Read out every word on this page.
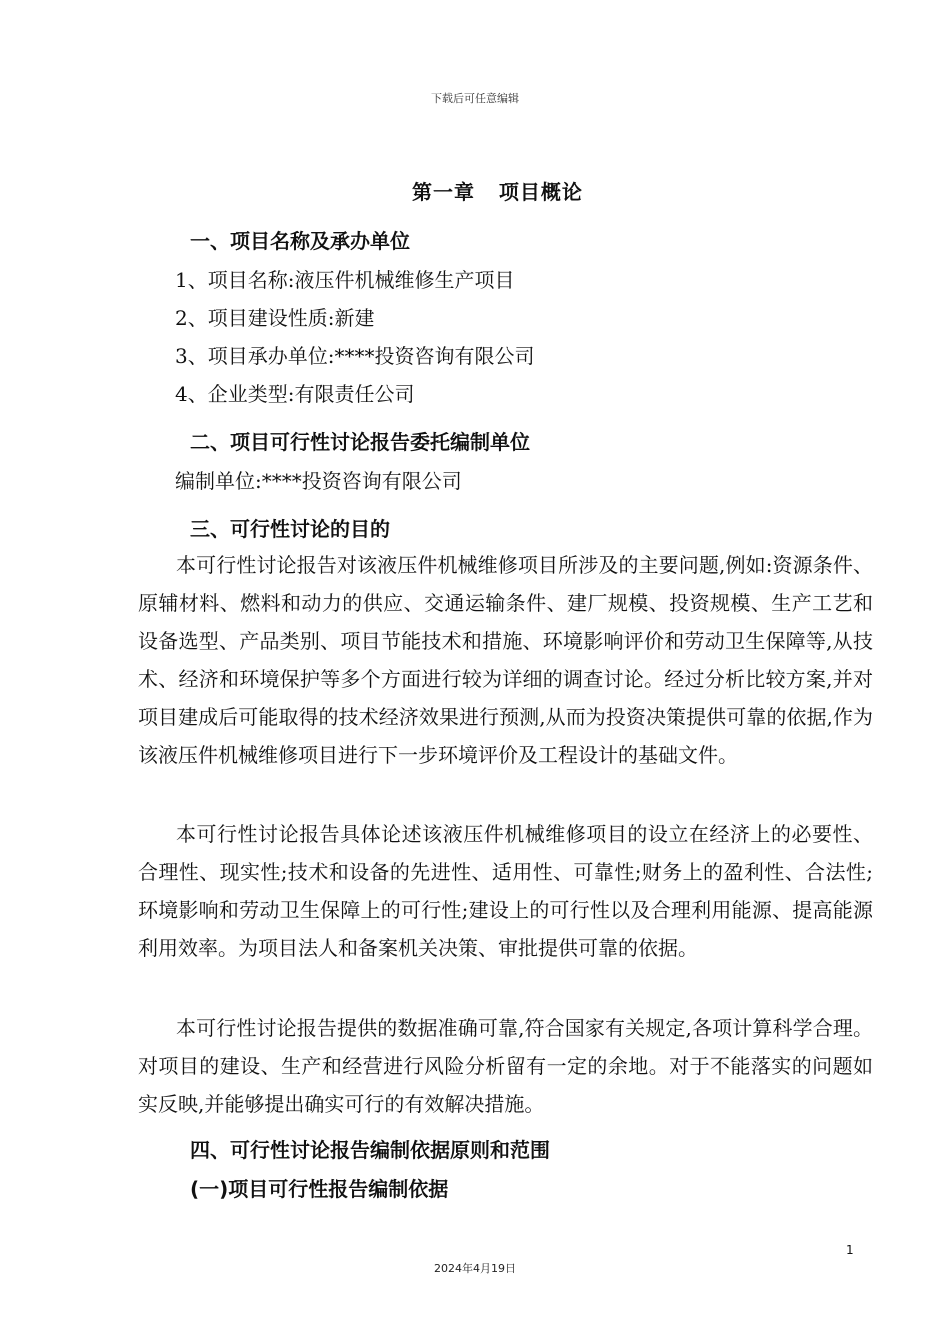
下载后可任意编辑
第一章   项目概论
一、项目名称及承办单位
1、项目名称:液压件机械维修生产项目
2、项目建设性质:新建
3、项目承办单位:****投资咨询有限公司
4、企业类型:有限责任公司
二、项目可行性讨论报告委托编制单位
编制单位:****投资咨询有限公司
三、可行性讨论的目的

本可行性讨论报告对该液压件机械维修项目所涉及的主要问题,例如:资源条件、原辅材料、燃料和动力的供应、交通运输条件、建厂规模、投资规模、生产工艺和设备选型、产品类别、项目节能技术和措施、环境影响评价和劳动卫生保障等,从技术、经济和环境保护等多个方面进行较为详细的调查讨论。经过分析比较方案,并对项目建成后可能取得的技术经济效果进行预测,从而为投资决策提供可靠的依据,作为该液压件机械维修项目进行下一步环境评价及工程设计的基础文件。

本可行性讨论报告具体论述该液压件机械维修项目的设立在经济上的必要性、合理性、现实性;技术和设备的先进性、适用性、可靠性;财务上的盈利性、合法性;环境影响和劳动卫生保障上的可行性;建设上的可行性以及合理利用能源、提高能源利用效率。为项目法人和备案机关决策、审批提供可靠的依据。

本可行性讨论报告提供的数据准确可靠,符合国家有关规定,各项计算科学合理。对项目的建设、生产和经营进行风险分析留有一定的余地。对于不能落实的问题如实反映,并能够提出确实可行的有效解决措施。

四、可行性讨论报告编制依据原则和范围
(一)项目可行性报告编制依据
1
2024年4月19日
